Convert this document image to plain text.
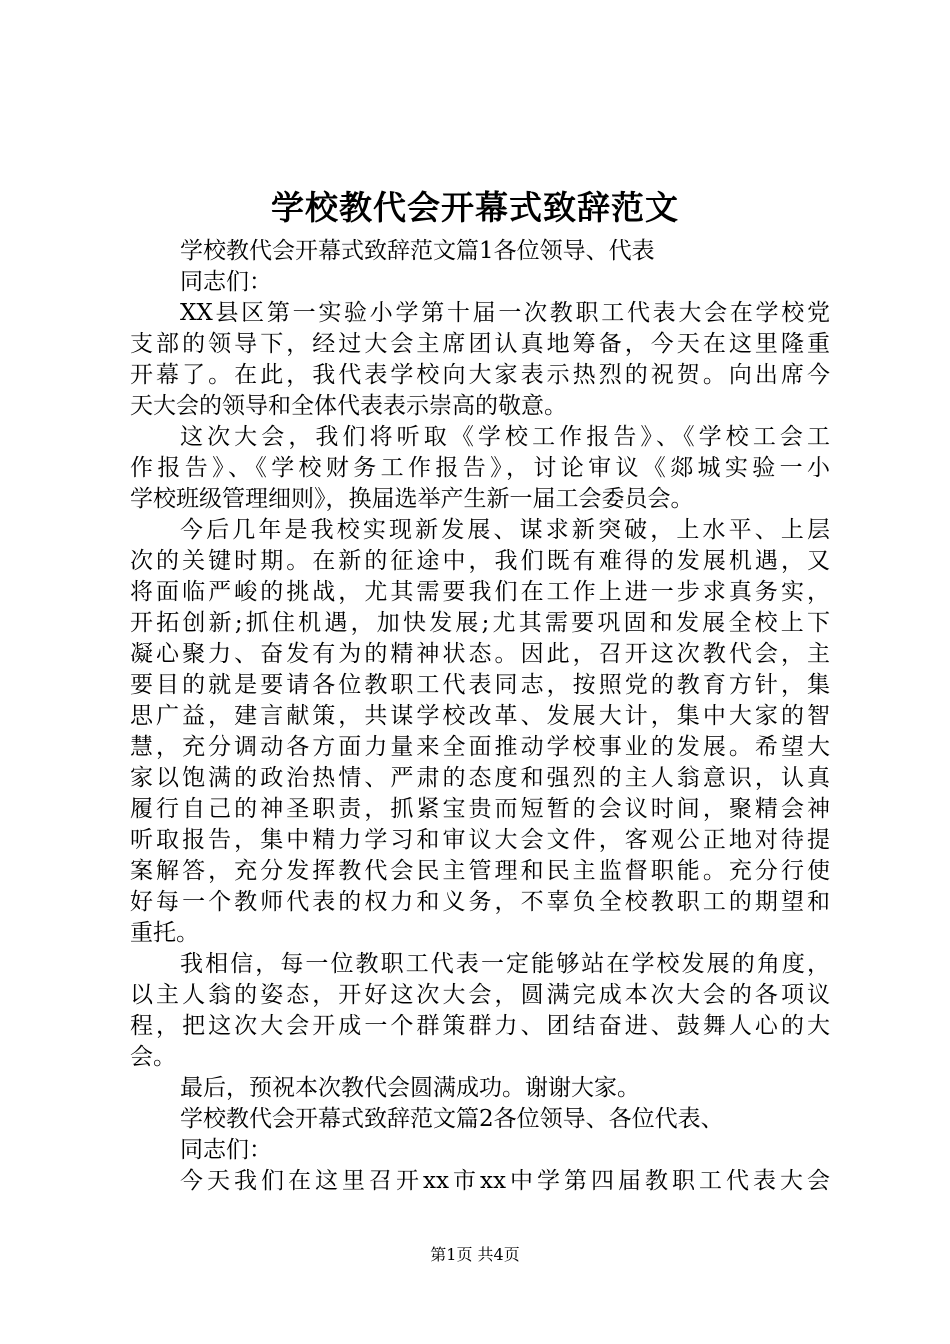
学校教代会开幕式致辞范文
学校教代会开幕式致辞范文篇1各位领导、代表
同志们：
XX县区第一实验小学第十届一次教职工代表大会在学校党
支部的领导下，经过大会主席团认真地筹备，今天在这里隆重
开幕了。在此，我代表学校向大家表示热烈的祝贺。向出席今
天大会的领导和全体代表表示崇高的敬意。
这次大会，我们将听取《学校工作报告》、《学校工会工
作报告》、《学校财务工作报告》，讨论审议《郯城实验一小
学校班级管理细则》，换届选举产生新一届工会委员会。
今后几年是我校实现新发展、谋求新突破，上水平、上层
次的关键时期。在新的征途中，我们既有难得的发展机遇，又
将面临严峻的挑战，尤其需要我们在工作上进一步求真务实，
开拓创新;抓住机遇，加快发展;尤其需要巩固和发展全校上下
凝心聚力、奋发有为的精神状态。因此，召开这次教代会，主
要目的就是要请各位教职工代表同志，按照党的教育方针，集
思广益，建言献策，共谋学校改革、发展大计，集中大家的智
慧，充分调动各方面力量来全面推动学校事业的发展。希望大
家以饱满的政治热情、严肃的态度和强烈的主人翁意识，认真
履行自己的神圣职责，抓紧宝贵而短暂的会议时间，聚精会神
听取报告，集中精力学习和审议大会文件，客观公正地对待提
案解答，充分发挥教代会民主管理和民主监督职能。充分行使
好每一个教师代表的权力和义务，不辜负全校教职工的期望和
重托。
我相信，每一位教职工代表一定能够站在学校发展的角度，
以主人翁的姿态，开好这次大会，圆满完成本次大会的各项议
程，把这次大会开成一个群策群力、团结奋进、鼓舞人心的大
会。
最后，预祝本次教代会圆满成功。谢谢大家。
学校教代会开幕式致辞范文篇2各位领导、各位代表、
同志们：
今天我们在这里召开xx市xx中学第四届教职工代表大会
第1页 共4页
